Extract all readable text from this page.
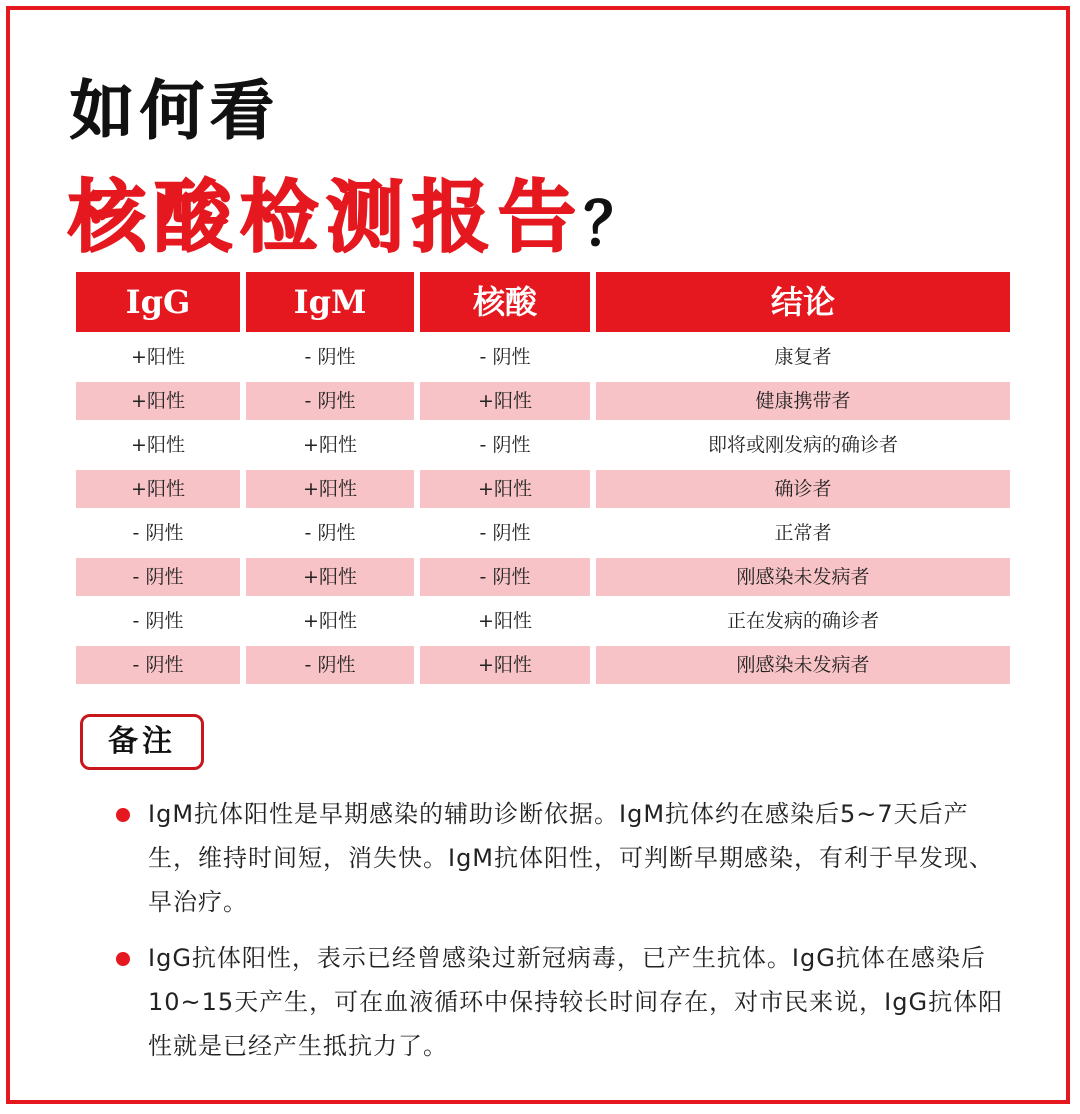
如何看
核酸检测报告？
IgG	IgM	核酸	结论
+阳性	- 阴性	- 阴性	康复者
+阳性	- 阴性	+阳性	健康携带者
+阳性	+阳性	- 阴性	即将或刚发病的确诊者
+阳性	+阳性	+阳性	确诊者
- 阴性	- 阴性	- 阴性	正常者
- 阴性	+阳性	- 阴性	刚感染未发病者
- 阴性	+阳性	+阳性	正在发病的确诊者
- 阴性	- 阴性	+阳性	刚感染未发病者
备注
IgM抗体阳性是早期感染的辅助诊断依据。IgM抗体约在感染后5~7天后产生，维持时间短，消失快。IgM抗体阳性，可判断早期感染，有利于早发现、早治疗。
IgG抗体阳性，表示已经曾感染过新冠病毒，已产生抗体。IgG抗体在感染后10~15天产生，可在血液循环中保持较长时间存在，对市民来说，IgG抗体阳性就是已经产生抵抗力了。
